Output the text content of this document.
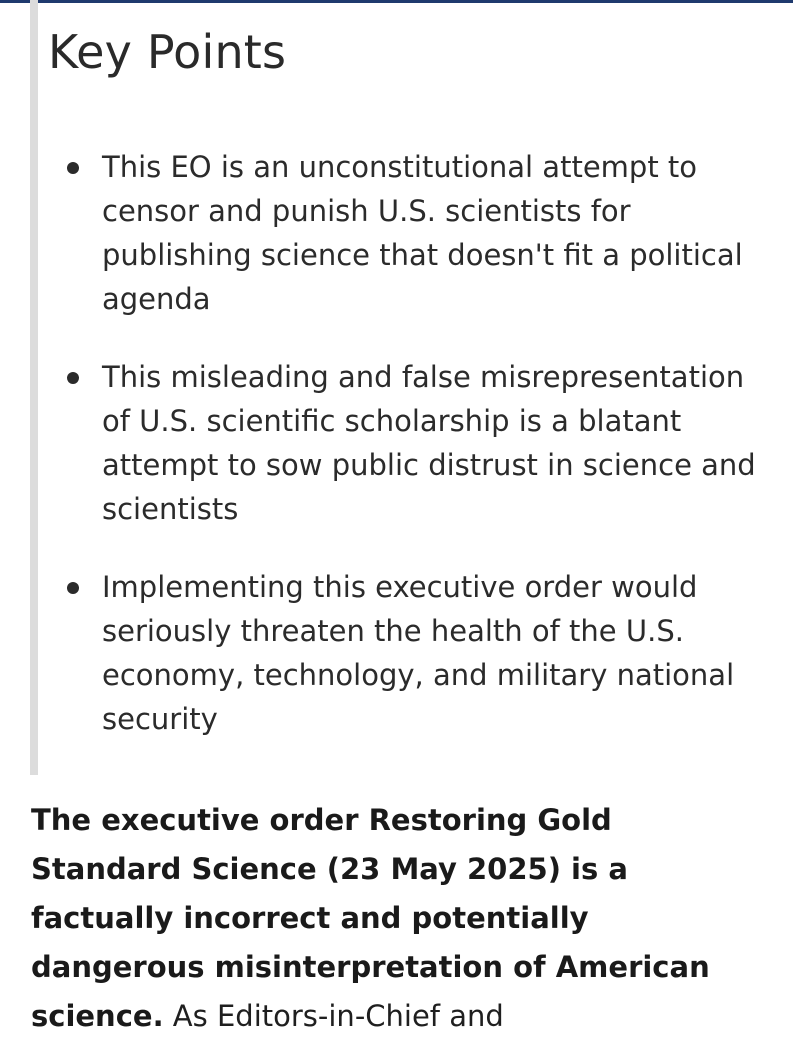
Key Points
This EO is an unconstitutional attempt to censor and punish U.S. scientists for publishing science that doesn't fit a political agenda
This misleading and false misrepresentation of U.S. scientific scholarship is a blatant attempt to sow public distrust in science and scientists
Implementing this executive order would seriously threaten the health of the U.S. economy, technology, and military national security

The executive order Restoring Gold Standard Science (23 May 2025) is a factually incorrect and potentially dangerous misinterpretation of American science. As Editors-in-Chief and
